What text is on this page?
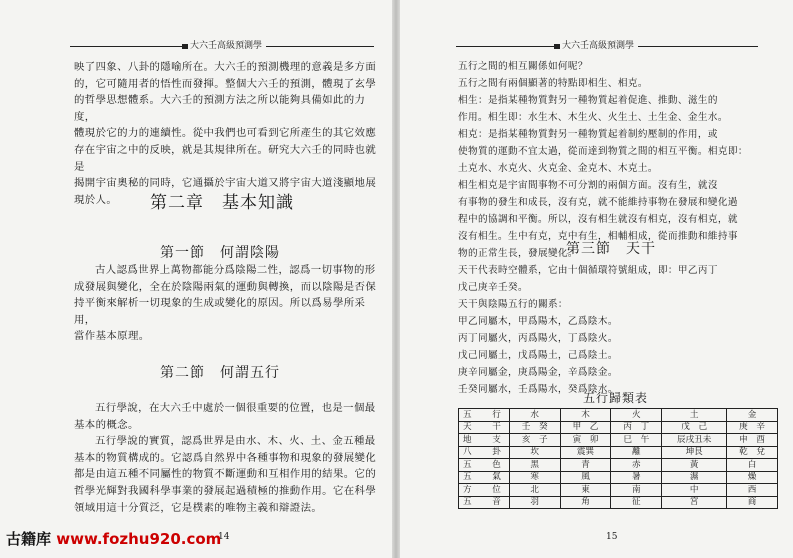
大六壬高級預測學
映了四象、八卦的隱喻所在。大六壬的預測機理的意義是多方面
的，它可隨用者的悟性而發揮。整個大六壬的預測，體現了玄學
的哲學思想體系。大六壬的預測方法之所以能夠具備如此的力度，
體現於它的力的連續性。從中我們也可看到它所產生的其它效應
存在宇宙之中的反映，就是其規律所在。研究大六壬的同時也就是
揭開宇宙奧秘的同時，它通攝於宇宙大道又將宇宙大道淺顯地展
現於人。	第二章　基本知識
第一節　何謂陰陽
古人認爲世界上萬物都能分爲陰陽二性，認爲一切事物的形
成發展與變化，全在於陰陽兩氣的運動與轉換，而以陰陽是否保
持平衡來解析一切現象的生成或變化的原因。所以爲易學所采用，
當作基本原理。
第二節　何謂五行
五行學說，在大六壬中處於一個很重要的位置，也是一個最
基本的概念。
五行學說的實質，認爲世界是由水、木、火、土、金五種最
基本的物質構成的。它認爲自然界中各種事物和現象的發展變化
都是由這五種不同屬性的物質不斷運動和互相作用的結果。它的
哲學光輝對我國科學事業的發展起過積極的推動作用。它在科學
領域用這十分質泛，它是樸素的唯物主義和辯證法。
14
大六壬高級預測學
五行之間的相互關係如何呢？
五行之間有兩個顯著的特點即相生、相克。
相生：是指某種物質對另一種物質起着促進、推動、滋生的
作用。相生即：水生木、木生火、火生土、土生金、金生水。
相克：是指某種物質對另一種物質起着制約壓制的作用，或
使物質的運動不宜太過，從而達到物質之間的相互平衡。相克即：
土克水、水克火、火克金、金克木、木克土。
相生相克是宇宙間事物不可分割的兩個方面。沒有生，就沒
有事物的發生和成長，沒有克，就不能維持事物在發展和變化過
程中的協調和平衡。所以，沒有相生就沒有相克，沒有相克，就
沒有相生。生中有克，克中有生，相輔相成，從而推動和維持事
物的正常生長，發展變化。
第三節　天干
天干代表時空體系，它由十個循環符號組成，即：甲乙丙丁
戊己庚辛壬癸。
天干與陰陽五行的關系：
甲乙同屬木，甲爲陽木，乙爲陰木。
丙丁同屬火，丙爲陽火，丁爲陰火。
戊己同屬土，戊爲陽土，己爲陰土。
庚辛同屬金，庚爲陽金，辛爲陰金。
壬癸同屬水，壬爲陽水，癸爲陰水。
五行歸類表
五　行	水	木	火	土	金
天　干	壬　癸	甲　乙	丙　丁	戊　己	庚　辛
地　支	亥　子	寅　卯	巳　午	辰戌丑未	申　酉
八　卦	坎	震巽	離	坤艮	乾　兌
五　色	黑	青	赤	黃	白
五　氣	寒	風	暑	濕	燥
方　位	北	東	南	中	西
五　音	羽	角	征	宮	商
15
古籍库 www.fozhu920.com
